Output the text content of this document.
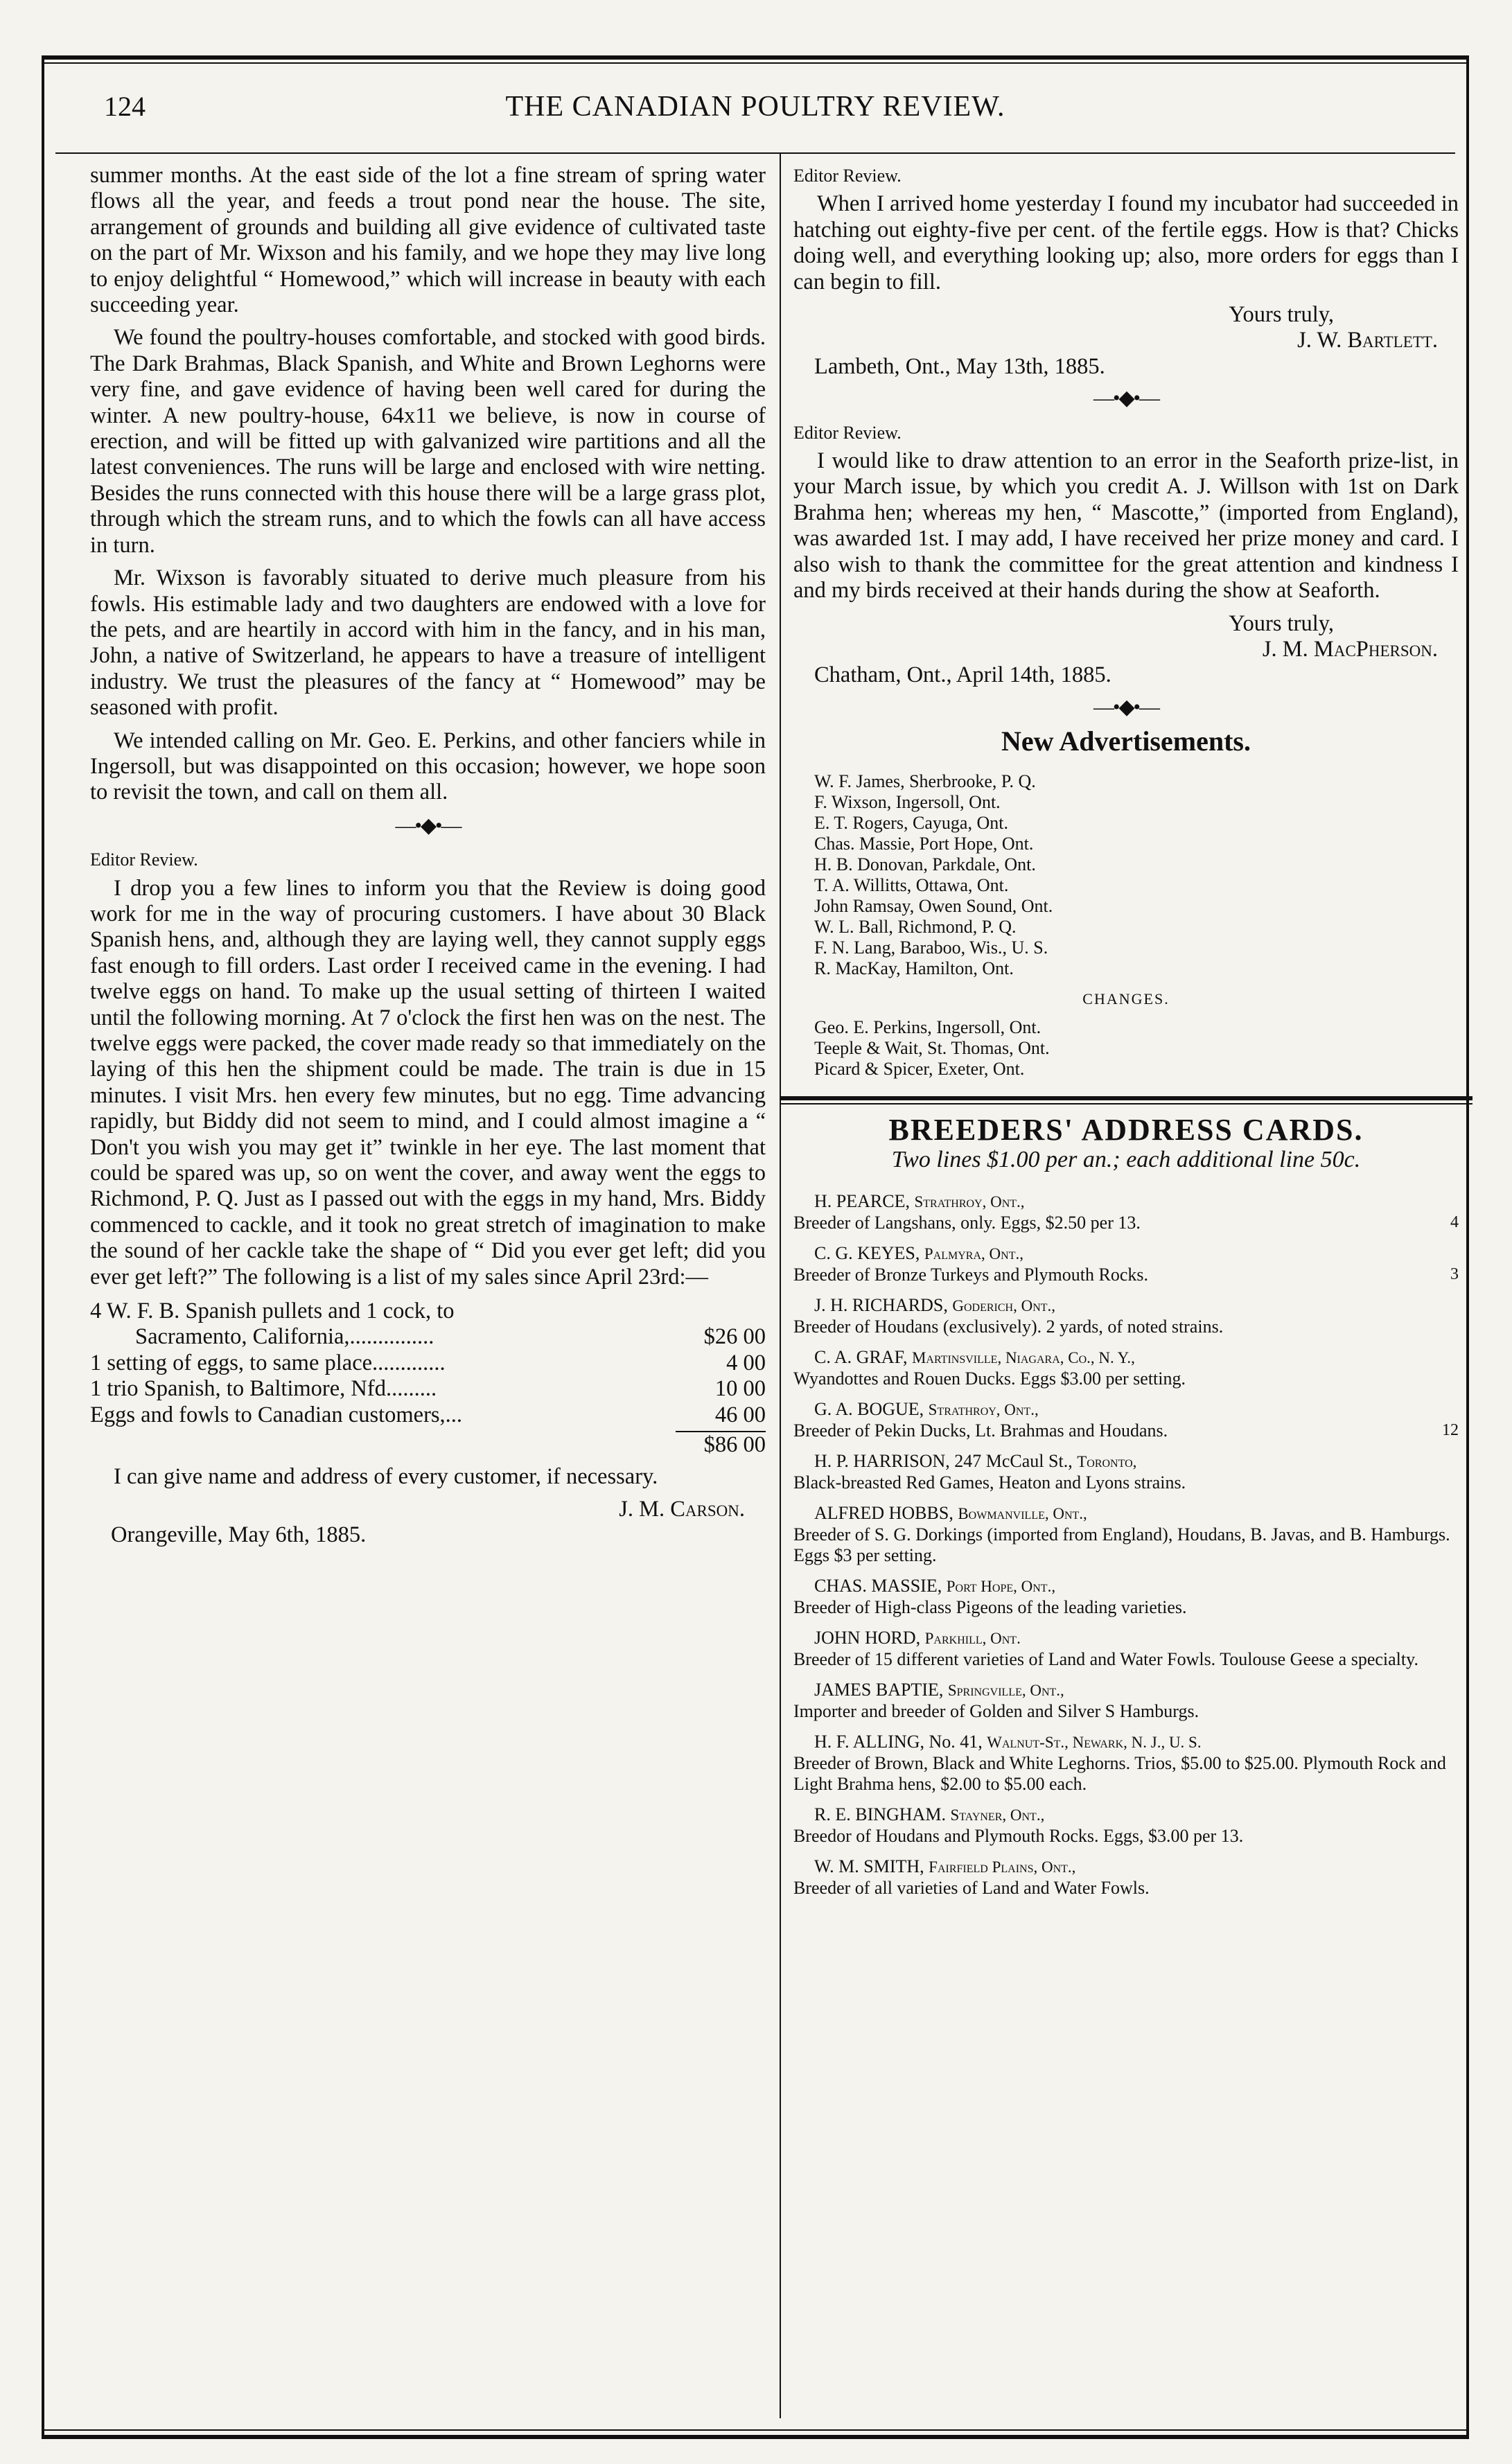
124	THE CANADIAN POULTRY REVIEW.

summer months. At the east side of the lot a fine stream of spring water flows all the year, and feeds a trout pond near the house. The site, arrangement of grounds and building all give evidence of cultivated taste on the part of Mr. Wixson and his family, and we hope they may live long to enjoy delightful “ Homewood,” which will increase in beauty with each succeeding year.

We found the poultry-houses comfortable, and stocked with good birds. The Dark Brahmas, Black Spanish, and White and Brown Leghorns were very fine, and gave evidence of having been well cared for during the winter. A new poultry-house, 64x11 we believe, is now in course of erection, and will be fitted up with galvanized wire partitions and all the latest conveniences. The runs will be large and enclosed with wire netting. Besides the runs connected with this house there will be a large grass plot, through which the stream runs, and to which the fowls can all have access in turn.

Mr. Wixson is favorably situated to derive much pleasure from his fowls. His estimable lady and two daughters are endowed with a love for the pets, and are heartily in accord with him in the fancy, and in his man, John, a native of Switzerland, he appears to have a treasure of intelligent industry. We trust the pleasures of the fancy at “ Homewood” may be seasoned with profit.

We intended calling on Mr. Geo. E. Perkins, and other fanciers while in Ingersoll, but was disappointed on this occasion; however, we hope soon to revisit the town, and call on them all.

—•◆•—

Editor Review.

I drop you a few lines to inform you that the Review is doing good work for me in the way of procuring customers. I have about 30 Black Spanish hens, and, although they are laying well, they cannot supply eggs fast enough to fill orders. Last order I received came in the evening. I had twelve eggs on hand. To make up the usual setting of thirteen I waited until the following morning. At 7 o'clock the first hen was on the nest. The twelve eggs were packed, the cover made ready so that immediately on the laying of this hen the shipment could be made. The train is due in 15 minutes. I visit Mrs. hen every few minutes, but no egg. Time advancing rapidly, but Biddy did not seem to mind, and I could almost imagine a “ Don't you wish you may get it” twinkle in her eye. The last moment that could be spared was up, so on went the cover, and away went the eggs to Richmond, P. Q. Just as I passed out with the eggs in my hand, Mrs. Biddy commenced to cackle, and it took no great stretch of imagination to make the sound of her cackle take the shape of “ Did you ever get left; did you ever get left?” The following is a list of my sales since April 23rd:—

4 W. F. B. Spanish pullets and 1 cock, to
  Sacramento, California,...............	$26 00
1 setting of eggs, to same place.............	4 00
1 trio Spanish, to Baltimore, Nfd.........	10 00
Eggs and fowls to Canadian customers,...	46 00
$86 00

I can give name and address of every customer, if necessary.

J. M. Carson.

Orangeville, May 6th, 1885.

Editor Review.

When I arrived home yesterday I found my incubator had succeeded in hatching out eighty-five per cent. of the fertile eggs. How is that? Chicks doing well, and everything looking up; also, more orders for eggs than I can begin to fill.

Yours truly,

J. W. Bartlett.

Lambeth, Ont., May 13th, 1885.

—•◆•—

Editor Review.

I would like to draw attention to an error in the Seaforth prize-list, in your March issue, by which you credit A. J. Willson with 1st on Dark Brahma hen; whereas my hen, “ Mascotte,” (imported from England), was awarded 1st. I may add, I have received her prize money and card. I also wish to thank the committee for the great attention and kindness I and my birds received at their hands during the show at Seaforth.

Yours truly,

J. M. MacPherson.

Chatham, Ont., April 14th, 1885.

—•◆•—
New Advertisements.
W. F. James, Sherbrooke, P. Q.
F. Wixson, Ingersoll, Ont.
E. T. Rogers, Cayuga, Ont.
Chas. Massie, Port Hope, Ont.
H. B. Donovan, Parkdale, Ont.
T. A. Willitts, Ottawa, Ont.
John Ramsay, Owen Sound, Ont.
W. L. Ball, Richmond, P. Q.
F. N. Lang, Baraboo, Wis., U. S.
R. MacKay, Hamilton, Ont.
CHANGES.
Geo. E. Perkins, Ingersoll, Ont.
Teeple & Wait, St. Thomas, Ont.
Picard & Spicer, Exeter, Ont.
BREEDERS' ADDRESS CARDS.
Two lines $1.00 per an.; each additional line 50c.
H. PEARCE, Strathroy, Ont.,
Breeder of Langshans, only. Eggs, $2.50 per 13.	4
C. G. KEYES, Palmyra, Ont.,
Breeder of Bronze Turkeys and Plymouth Rocks.	3
J. H. RICHARDS, Goderich, Ont.,
Breeder of Houdans (exclusively). 2 yards, of noted strains.
C. A. GRAF, Martinsville, Niagara, Co., N. Y.,
Wyandottes and Rouen Ducks. Eggs $3.00 per setting.
G. A. BOGUE, Strathroy, Ont.,
Breeder of Pekin Ducks, Lt. Brahmas and Houdans.	12
H. P. HARRISON, 247 McCaul St., Toronto,
Black-breasted Red Games, Heaton and Lyons strains.
ALFRED HOBBS, Bowmanville, Ont.,
Breeder of S. G. Dorkings (imported from England), Houdans, B. Javas, and B. Hamburgs. Eggs $3 per setting.
CHAS. MASSIE, Port Hope, Ont.,
Breeder of High-class Pigeons of the leading varieties.
JOHN HORD, Parkhill, Ont.
Breeder of 15 different varieties of Land and Water Fowls. Toulouse Geese a specialty.
JAMES BAPTIE, Springville, Ont.,
Importer and breeder of Golden and Silver S Hamburgs.
H. F. ALLING, No. 41, Walnut-St., Newark, N. J., U. S.
Breeder of Brown, Black and White Leghorns. Trios, $5.00 to $25.00. Plymouth Rock and Light Brahma hens, $2.00 to $5.00 each.
R. E. BINGHAM. Stayner, Ont.,
Breedor of Houdans and Plymouth Rocks. Eggs, $3.00 per 13.
W. M. SMITH, Fairfield Plains, Ont.,
Breeder of all varieties of Land and Water Fowls.
